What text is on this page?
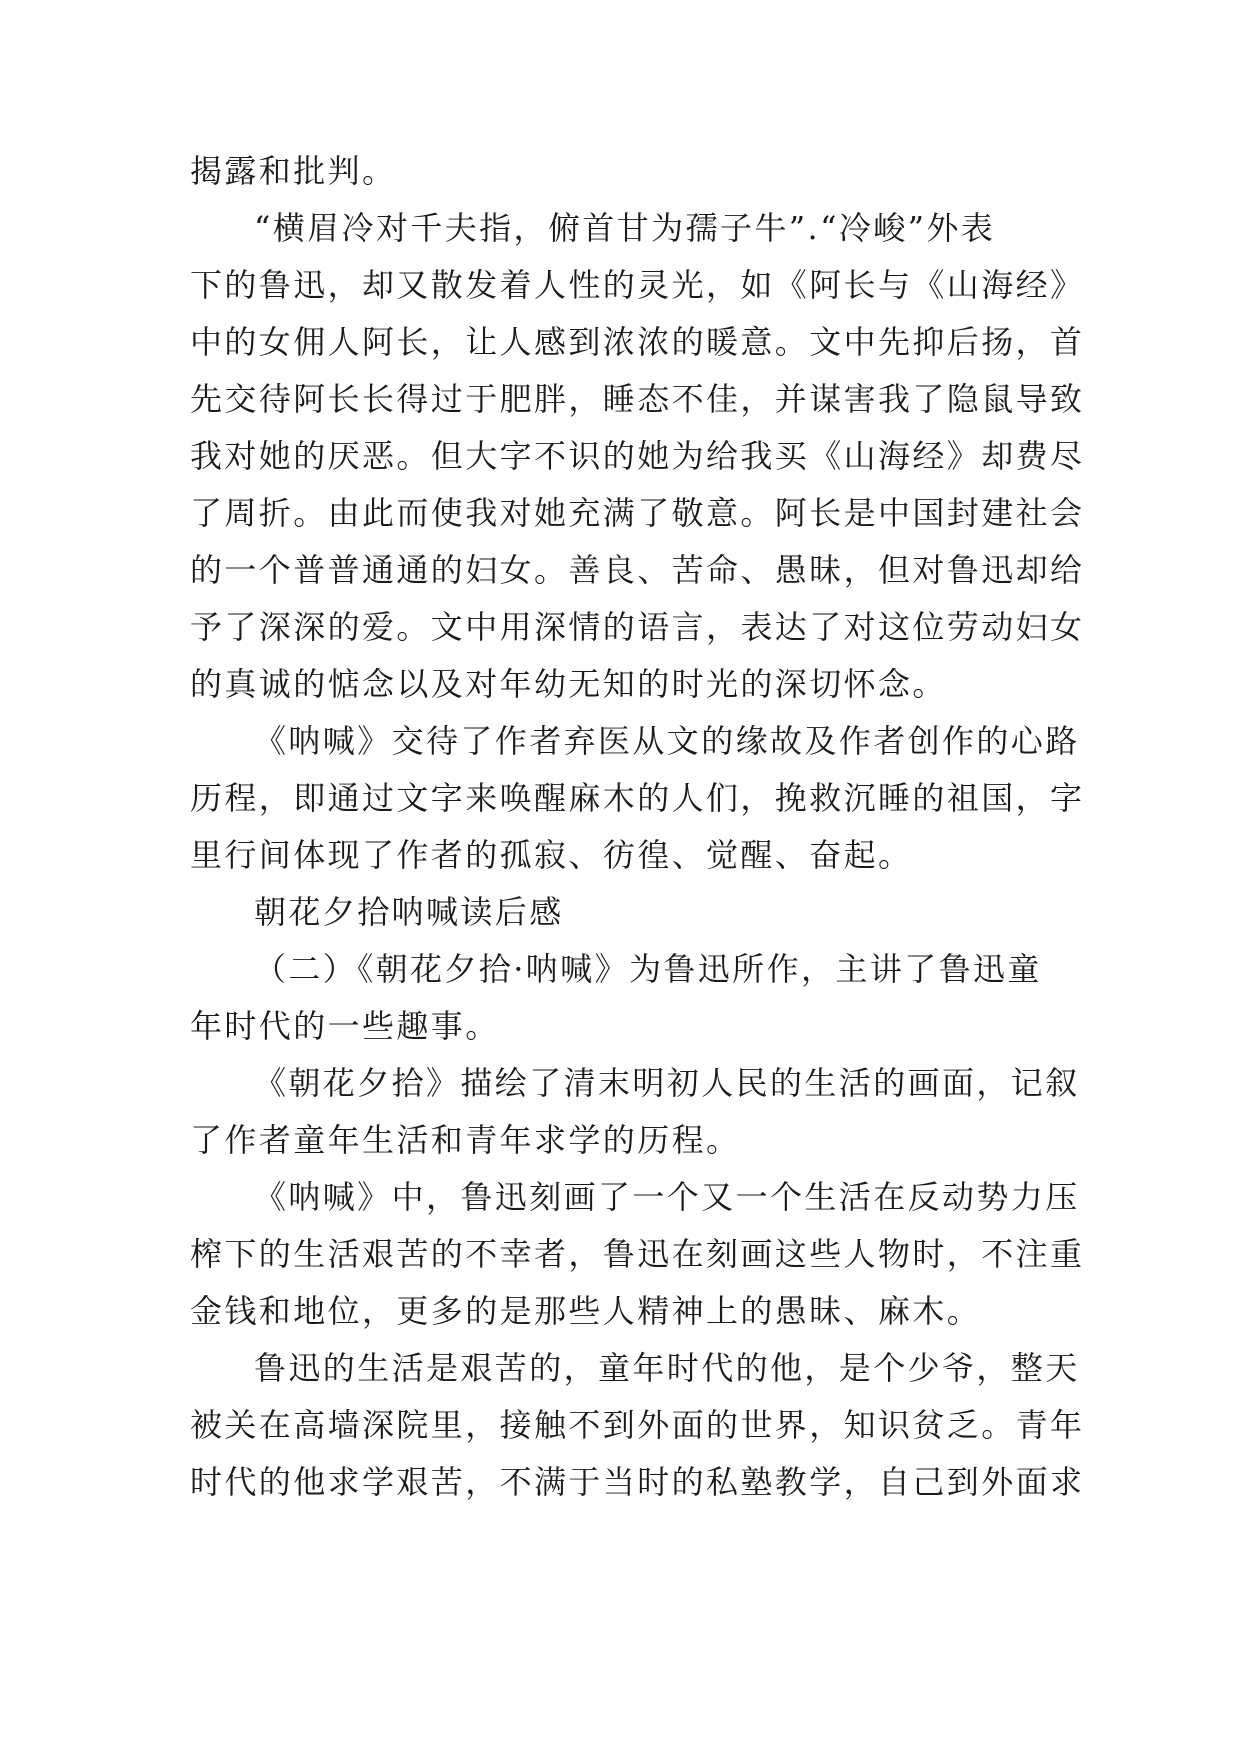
揭露和批判。
“横眉冷对千夫指，俯首甘为孺子牛”.“冷峻”外表
下的鲁迅，却又散发着人性的灵光，如《阿长与《山海经》
中的女佣人阿长，让人感到浓浓的暖意。文中先抑后扬，首
先交待阿长长得过于肥胖，睡态不佳，并谋害我了隐鼠导致
我对她的厌恶。但大字不识的她为给我买《山海经》却费尽
了周折。由此而使我对她充满了敬意。阿长是中国封建社会
的一个普普通通的妇女。善良、苦命、愚昧，但对鲁迅却给
予了深深的爱。文中用深情的语言，表达了对这位劳动妇女
的真诚的惦念以及对年幼无知的时光的深切怀念。
《呐喊》交待了作者弃医从文的缘故及作者创作的心路
历程，即通过文字来唤醒麻木的人们，挽救沉睡的祖国，字
里行间体现了作者的孤寂、彷徨、觉醒、奋起。
朝花夕拾呐喊读后感
（二）《朝花夕拾·呐喊》为鲁迅所作，主讲了鲁迅童
年时代的一些趣事。
《朝花夕拾》描绘了清末明初人民的生活的画面，记叙
了作者童年生活和青年求学的历程。
《呐喊》中，鲁迅刻画了一个又一个生活在反动势力压
榨下的生活艰苦的不幸者，鲁迅在刻画这些人物时，不注重
金钱和地位，更多的是那些人精神上的愚昧、麻木。
鲁迅的生活是艰苦的，童年时代的他，是个少爷，整天
被关在高墙深院里，接触不到外面的世界，知识贫乏。青年
时代的他求学艰苦，不满于当时的私塾教学，自己到外面求
